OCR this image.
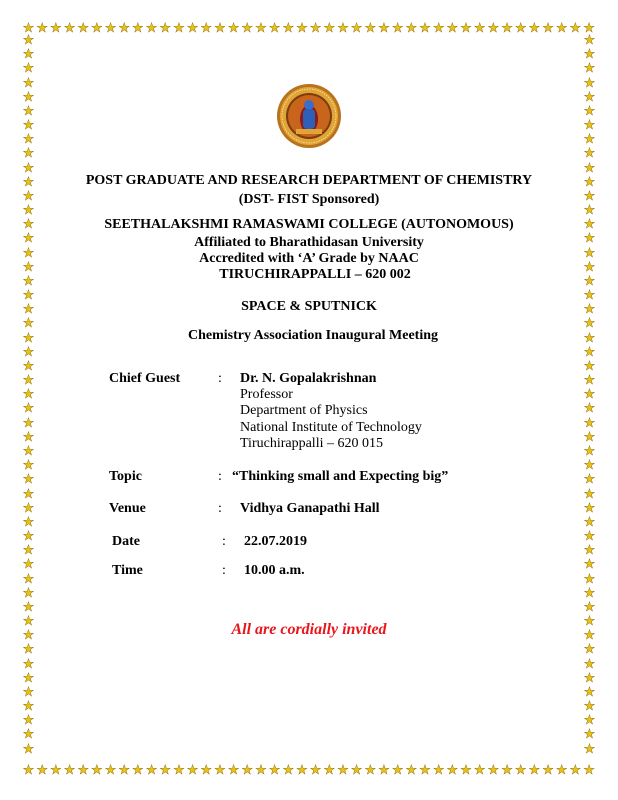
★ ★ ★ ★ ★ ★ ★ ★ ★ ★ ★ ★ ★ ★ ★ ★ ★ ★ ★ ★ ★ ★ ★ ★ ★ ★ ★ ★ ★ ★ ★ ★ ★ ★ ★ ★ ★ ★ ★ ★ ★ ★
★ ★ ★ ★ ★ ★ ★ ★ ★ ★ ★ ★ ★ ★ ★ ★ ★ ★ ★ ★ ★ ★ ★ ★ ★ ★ ★ ★ ★ ★ ★ ★ ★ ★ ★ ★ ★ ★ ★ ★ ★ ★
★
★
★
★
★
★
★
★
★
★
★
★
★
★
★
★
★
★
★
★
★
★
★
★
★
★
★
★
★
★
★
★
★
★
★
★
★
★
★
★
★
★
★
★
★
★
★
★
★
★
★
★
★
★
★
★
★
★
★
★
★
★
★
★
★
★
★
★
★
★
★
★
★
★
★
★
★
★
★
★
★
★
★
★
★
★
★
★
★
★
★
★
★
★
★
★
★
★
★
★
★
★
POST GRADUATE AND RESEARCH DEPARTMENT OF CHEMISTRY
(DST- FIST Sponsored)
SEETHALAKSHMI RAMASWAMI COLLEGE (AUTONOMOUS)
Affiliated to Bharathidasan University
Accredited with ‘A’ Grade by NAAC
TIRUCHIRAPPALLI – 620 002
SPACE & SPUTNICK
Chemistry Association Inaugural Meeting
Chief Guest	: Dr. N. Gopalakrishnan
Professor
Department of Physics
National Institute of Technology
Tiruchirappalli – 620 015
Topic	: “Thinking small and Expecting big”
Venue	: Vidhya Ganapathi Hall
Date	: 22.07.2019
Time	: 10.00 a.m.
All are cordially invited
